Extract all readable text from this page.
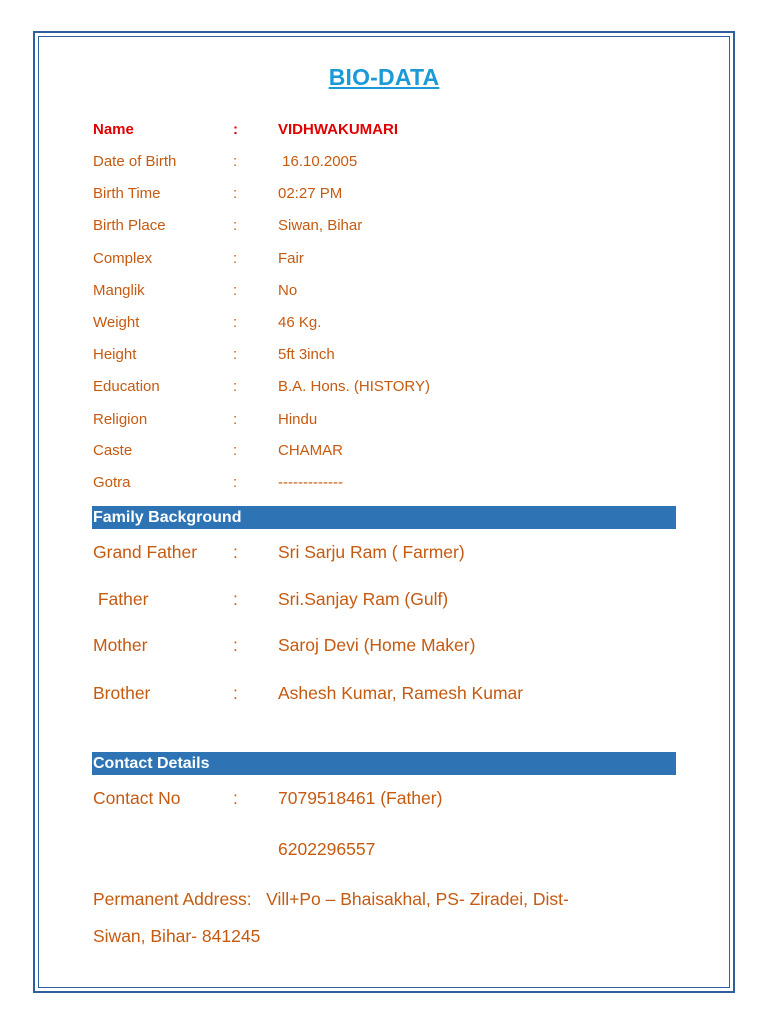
BIO-DATA
Name	:	VIDHWAKUMARI
Date of Birth	:	16.10.2005
Birth Time	:	02:27 PM
Birth Place	:	Siwan, Bihar
Complex	:	Fair
Manglik	:	No
Weight	:	46 Kg.
Height	:	5ft 3inch
Education	:	B.A. Hons. (HISTORY)
Religion	:	Hindu
Caste	:	CHAMAR
Gotra	:	-------------
Family Background
Grand Father : Sri Sarju Ram ( Farmer)
Father	: Sri.Sanjay Ram (Gulf)
Mother	: Saroj Devi (Home Maker)
Brother	: Ashesh Kumar, Ramesh Kumar
Contact Details
Contact No	: 7079518461 (Father)
6202296557
Permanent Address:   Vill+Po – Bhaisakhal, PS- Ziradei, Dist-
Siwan, Bihar- 841245
